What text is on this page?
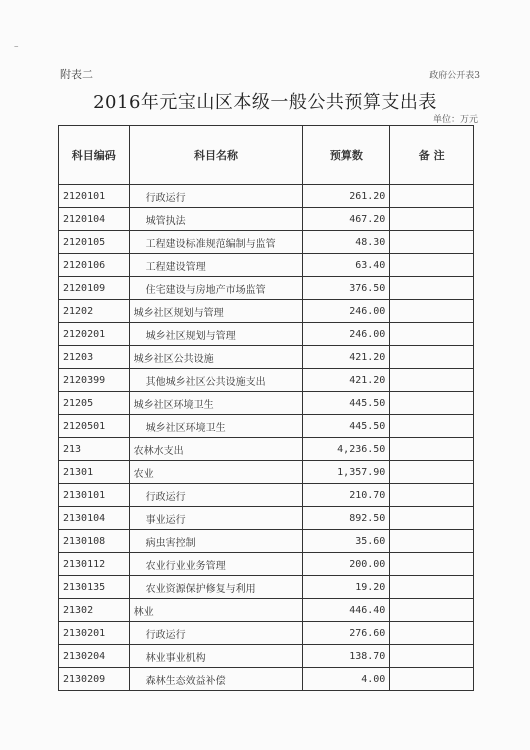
–
附表二	政府公开表3
2016年元宝山区本级一般公共预算支出表
单位：万元
科目编码	科目名称	预算数	备 注
2120101	行政运行	261.20	
2120104	城管执法	467.20	
2120105	工程建设标准规范编制与监管	48.30	
2120106	工程建设管理	63.40	
2120109	住宅建设与房地产市场监管	376.50	
21202	城乡社区规划与管理	246.00	
2120201	城乡社区规划与管理	246.00	
21203	城乡社区公共设施	421.20	
2120399	其他城乡社区公共设施支出	421.20	
21205	城乡社区环境卫生	445.50	
2120501	城乡社区环境卫生	445.50	
213	农林水支出	4,236.50	
21301	农业	1,357.90	
2130101	行政运行	210.70	
2130104	事业运行	892.50	
2130108	病虫害控制	35.60	
2130112	农业行业业务管理	200.00	
2130135	农业资源保护修复与利用	19.20	
21302	林业	446.40	
2130201	行政运行	276.60	
2130204	林业事业机构	138.70	
2130209	森林生态效益补偿	4.00	
